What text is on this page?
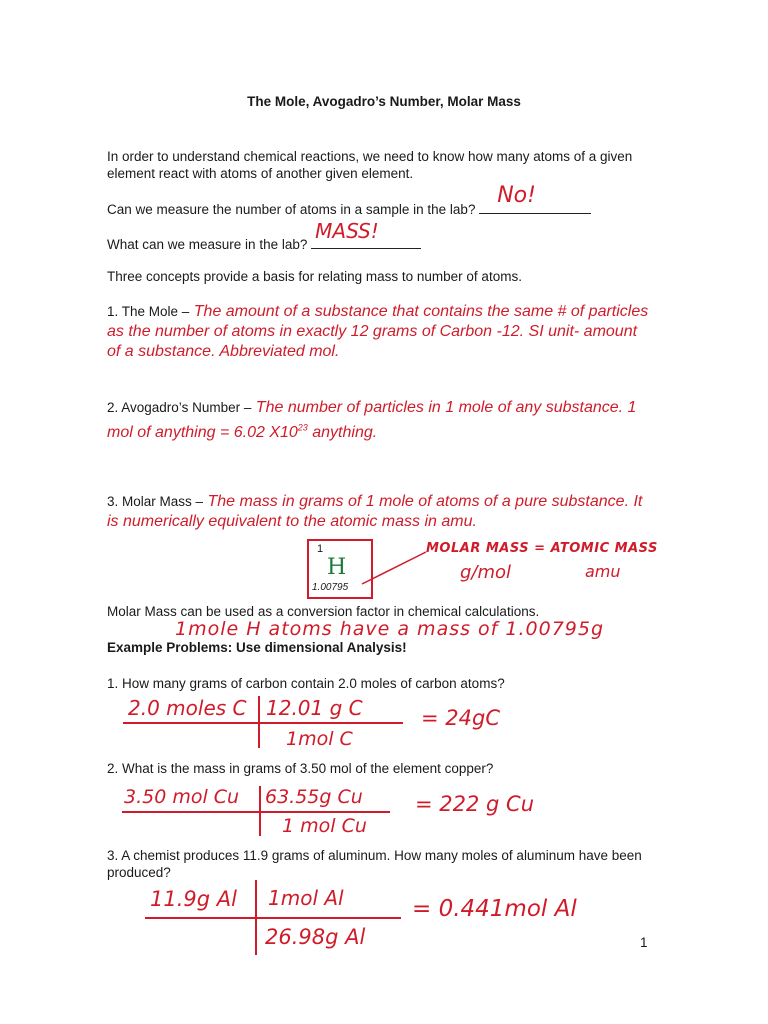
The Mole, Avogadro’s Number, Molar Mass
In order to understand chemical reactions, we need to know how many atoms of a given element react with atoms of another given element.
Can we measure the number of atoms in a sample in the lab?
No!
What can we measure in the lab?
MASS!
Three concepts provide a basis for relating mass to number of atoms.
1. The Mole – The amount of a substance that contains the same # of particles as the number of atoms in exactly 12 grams of Carbon -12. SI unit- amount of a substance. Abbreviated mol.
2. Avogadro’s Number – The number of particles in 1 mole of any substance. 1 mol of anything = 6.02 $X10^{23}$ anything.
3. Molar Mass – The mass in grams of 1 mole of atoms of a pure substance. It is numerically equivalent to the atomic mass in amu.
1
H
1.00795
MOLAR MASS = ATOMIC MASS
g/mol	amu
Molar Mass can be used as a conversion factor in chemical calculations.
1mole H atoms have a mass of 1.00795g
Example Problems: Use dimensional Analysis!
1. How many grams of carbon contain 2.0 moles of carbon atoms?
2.0 moles C 12.01 g C
1mol C
= 24gC
2. What is the mass in grams of 3.50 mol of the element copper?
3.50 mol Cu 63.55g Cu
1 mol Cu
= 222 g Cu
3. A chemist produces 11.9 grams of aluminum. How many moles of aluminum have been produced?
11.9g Al 1mol Al
26.98g Al
= 0.441mol Al
1
